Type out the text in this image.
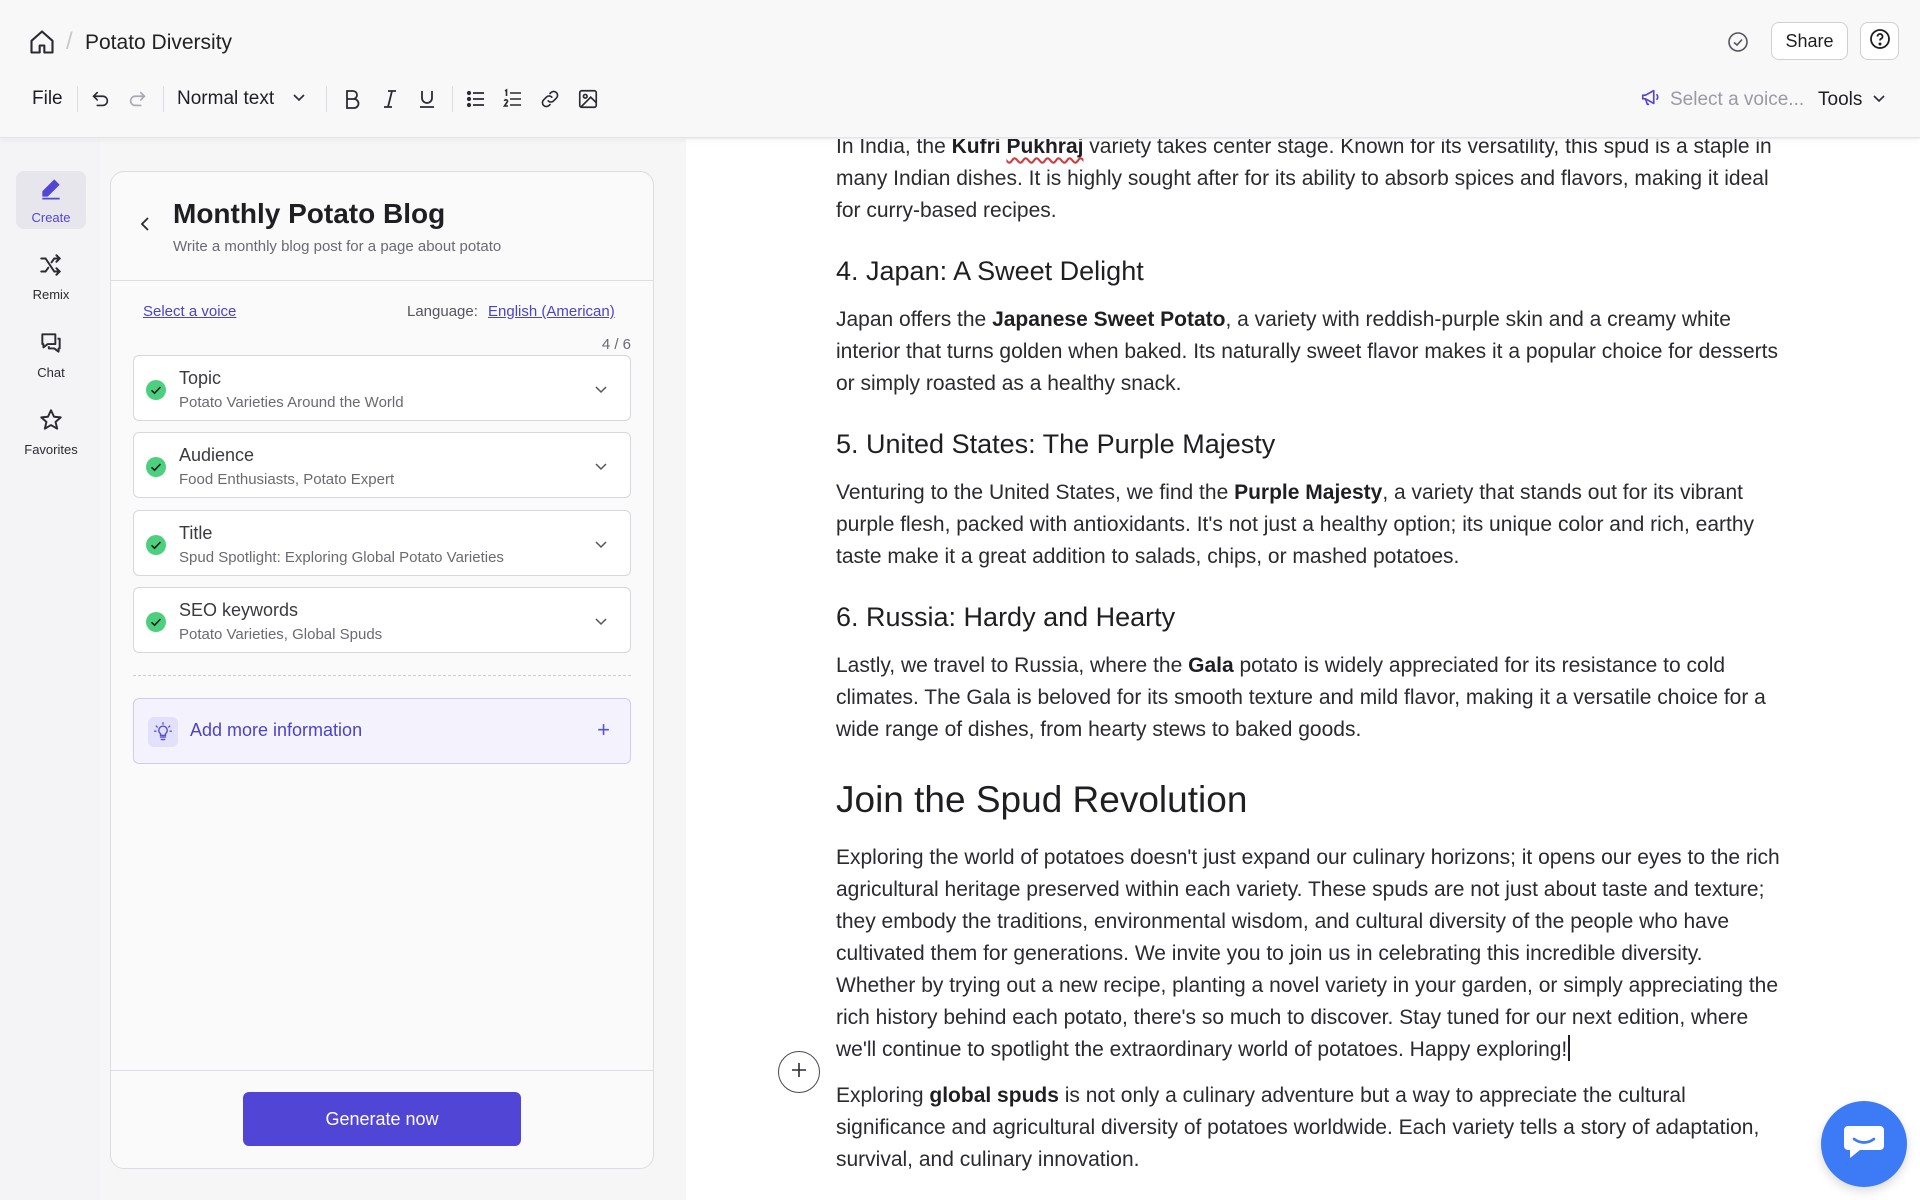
/ Potato Diversity	Share
File	Normal text	Select a voice... Tools
Create
Remix
Chat
Favorites
Monthly Potato Blog
Write a monthly blog post for a page about potato
Select a voice	Language: English (American)
4 / 6
Topic
Potato Varieties Around the World
Audience
Food Enthusiasts, Potato Expert
Title
Spud Spotlight: Exploring Global Potato Varieties
SEO keywords
Potato Varieties, Global Spuds
Add more information	+
Generate now

In India, the Kufri Pukhraj variety takes center stage. Known for its versatility, this spud is a staple in many Indian dishes. It is highly sought after for its ability to absorb spices and flavors, making it ideal for curry-based recipes.

4. Japan: A Sweet Delight

Japan offers the Japanese Sweet Potato, a variety with reddish-purple skin and a creamy white interior that turns golden when baked. Its naturally sweet flavor makes it a popular choice for desserts or simply roasted as a healthy snack.

5. United States: The Purple Majesty

Venturing to the United States, we find the Purple Majesty, a variety that stands out for its vibrant purple flesh, packed with antioxidants. It's not just a healthy option; its unique color and rich, earthy taste make it a great addition to salads, chips, or mashed potatoes.

6. Russia: Hardy and Hearty

Lastly, we travel to Russia, where the Gala potato is widely appreciated for its resistance to cold climates. The Gala is beloved for its smooth texture and mild flavor, making it a versatile choice for a wide range of dishes, from hearty stews to baked goods.

Join the Spud Revolution

Exploring the world of potatoes doesn't just expand our culinary horizons; it opens our eyes to the rich agricultural heritage preserved within each variety. These spuds are not just about taste and texture; they embody the traditions, environmental wisdom, and cultural diversity of the people who have cultivated them for generations. We invite you to join us in celebrating this incredible diversity. Whether by trying out a new recipe, planting a novel variety in your garden, or simply appreciating the rich history behind each potato, there's so much to discover. Stay tuned for our next edition, where we'll continue to spotlight the extraordinary world of potatoes. Happy exploring!

Exploring global spuds is not only a culinary adventure but a way to appreciate the cultural significance and agricultural diversity of potatoes worldwide. Each variety tells a story of adaptation, survival, and culinary innovation.
